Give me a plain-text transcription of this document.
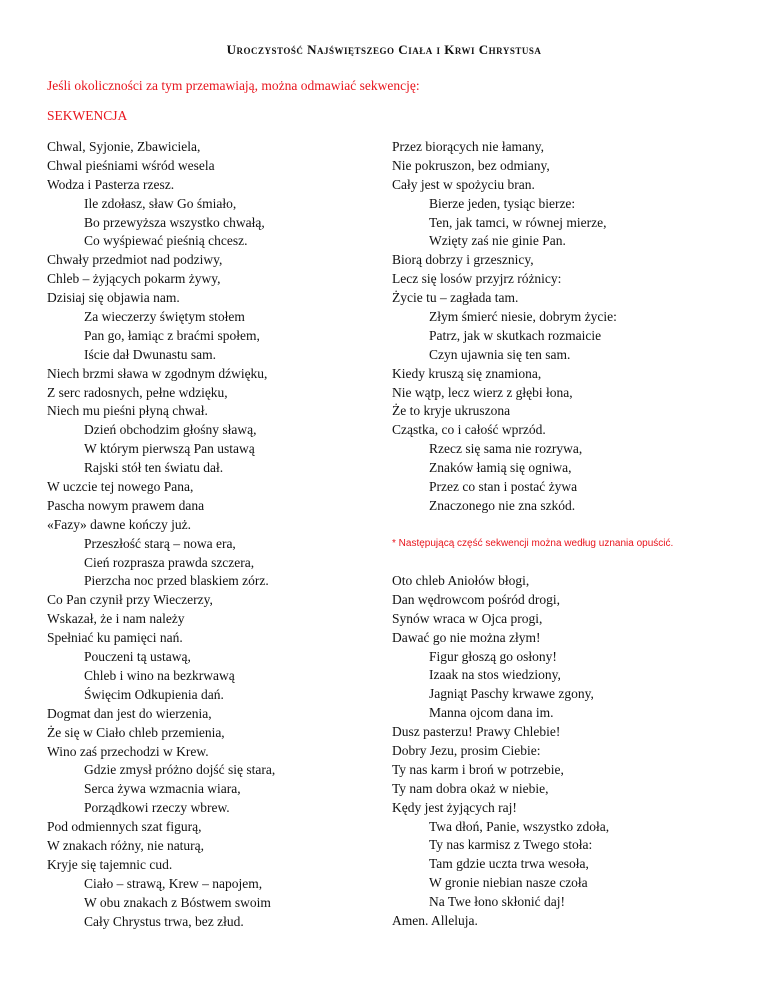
Uroczystość Najświętszego Ciała i Krwi Chrystusa
Jeśli okoliczności za tym przemawiają, można odmawiać sekwencję:
SEKWENCJA
Chwal, Syjonie, Zbawiciela,
Chwal pieśniami wśród wesela
Wodza i Pasterza rzesz.
Ile zdołasz, sław Go śmiało,
Bo przewyższa wszystko chwałą,
Co wyśpiewać pieśnią chcesz.
Chwały przedmiot nad podziwy,
Chleb – żyjących pokarm żywy,
Dzisiaj się objawia nam.
Za wieczerzy świętym stołem
Pan go, łamiąc z braćmi społem,
Iście dał Dwunastu sam.
Niech brzmi sława w zgodnym dźwięku,
Z serc radosnych, pełne wdzięku,
Niech mu pieśni płyną chwał.
Dzień obchodzim głośny sławą,
W którym pierwszą Pan ustawą
Rajski stół ten światu dał.
W uczcie tej nowego Pana,
Pascha nowym prawem dana
«Fazy» dawne kończy już.
Przeszłość starą – nowa era,
Cień rozprasza prawda szczera,
Pierzcha noc przed blaskiem zórz.
Co Pan czynił przy Wieczerzy,
Wskazał, że i nam należy
Spełniać ku pamięci nań.
Pouczeni tą ustawą,
Chleb i wino na bezkrwawą
Święcim Odkupienia dań.
Dogmat dan jest do wierzenia,
Że się w Ciało chleb przemienia,
Wino zaś przechodzi w Krew.
Gdzie zmysł próżno dojść się stara,
Serca żywa wzmacnia wiara,
Porządkowi rzeczy wbrew.
Pod odmiennych szat figurą,
W znakach różny, nie naturą,
Kryje się tajemnic cud.
Ciało – strawą, Krew – napojem,
W obu znakach z Bóstwem swoim
Cały Chrystus trwa, bez złud.
Przez biorących nie łamany,
Nie pokruszon, bez odmiany,
Cały jest w spożyciu bran.
Bierze jeden, tysiąc bierze:
Ten, jak tamci, w równej mierze,
Wzięty zaś nie ginie Pan.
Biorą dobrzy i grzesznicy,
Lecz się losów przyjrz różnicy:
Życie tu – zagłada tam.
Złym śmierć niesie, dobrym życie:
Patrz, jak w skutkach rozmaicie
Czyn ujawnia się ten sam.
Kiedy kruszą się znamiona,
Nie wątp, lecz wierz z głębi łona,
Że to kryje ukruszona
Cząstka, co i całość wprzód.
Rzecz się sama nie rozrywa,
Znaków łamią się ogniwa,
Przez co stan i postać żywa
Znaczonego nie zna szkód.
* Następującą część sekwencji można według uznania opuścić.
Oto chleb Aniołów błogi,
Dan wędrowcom pośród drogi,
Synów wraca w Ojca progi,
Dawać go nie można złym!
Figur głoszą go osłony!
Izaak na stos wiedziony,
Jagniąt Paschy krwawe zgony,
Manna ojcom dana im.
Dusz pasterzu! Prawy Chlebie!
Dobry Jezu, prosim Ciebie:
Ty nas karm i broń w potrzebie,
Ty nam dobra okaż w niebie,
Kędy jest żyjących raj!
Twa dłoń, Panie, wszystko zdoła,
Ty nas karmisz z Twego stoła:
Tam gdzie uczta trwa wesoła,
W gronie niebian nasze czoła
Na Twe łono skłonić daj!
Amen. Alleluja.
